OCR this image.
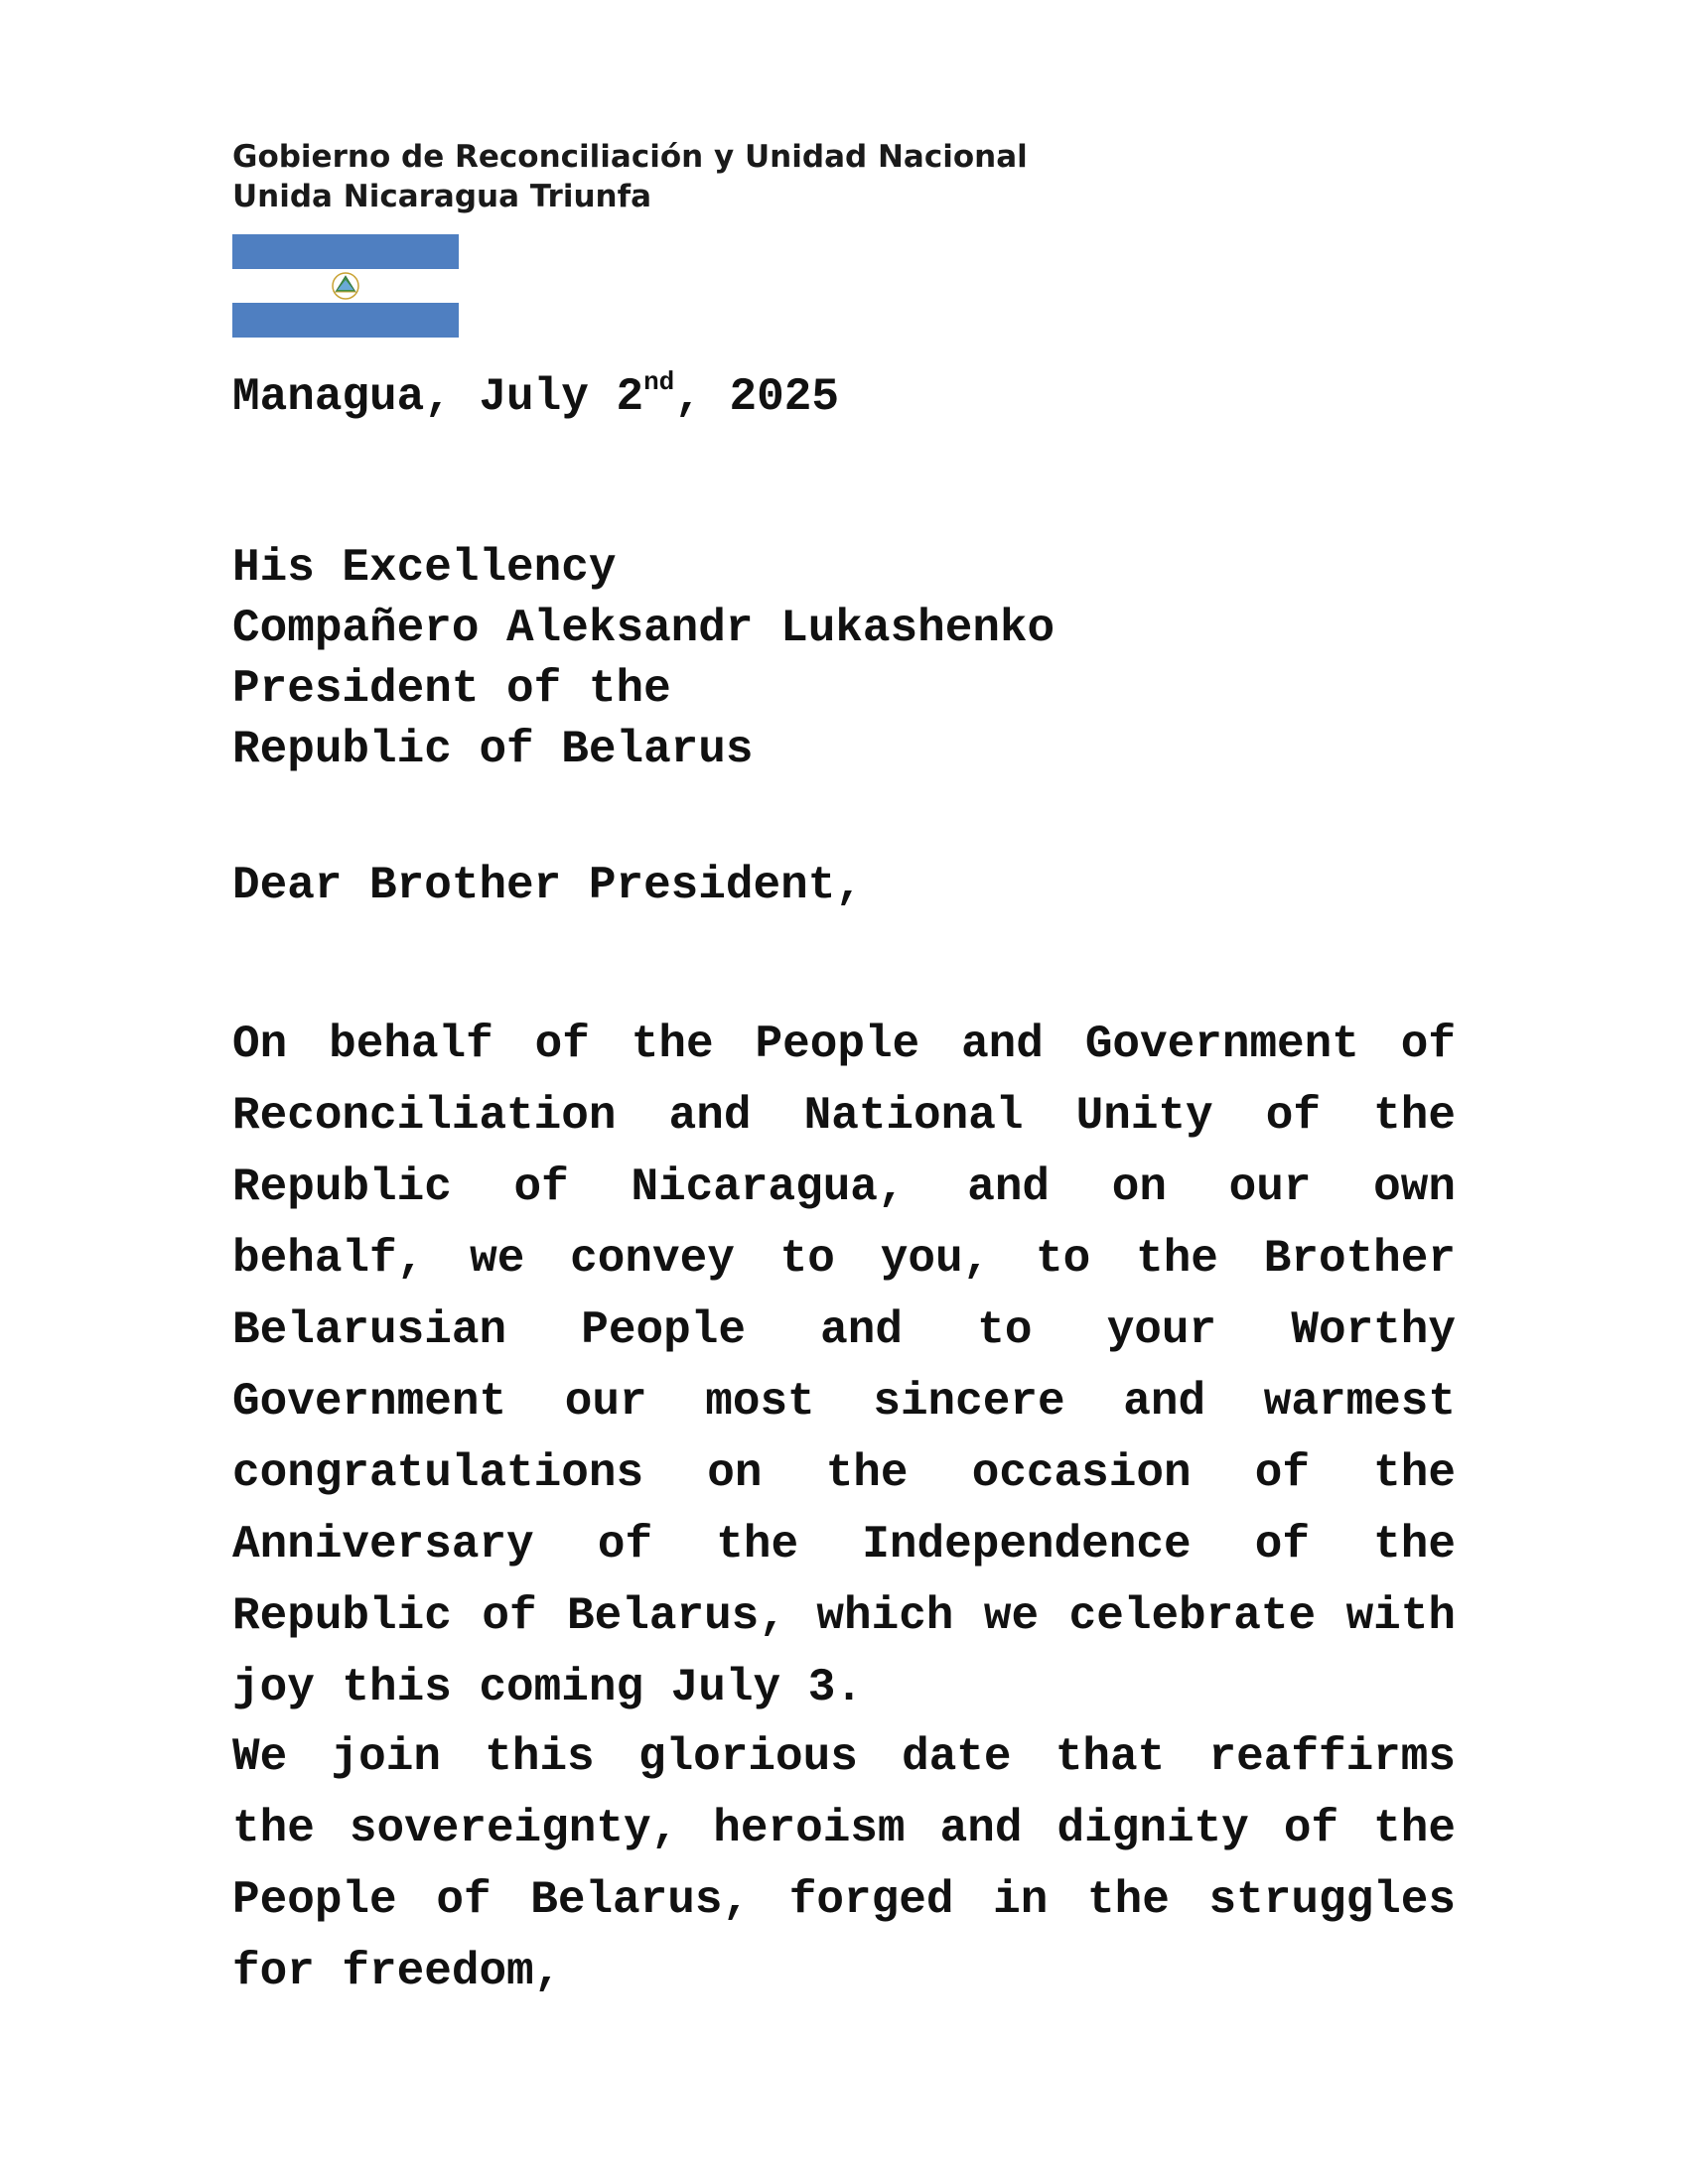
Gobierno de Reconciliación y Unidad Nacional
Unida Nicaragua Triunfa
Managua, July 2nd, 2025
His Excellency
Compañero Aleksandr Lukashenko
President of the
Republic of Belarus
Dear Brother President,
On behalf of the People and Government of Reconciliation and National Unity of the Republic of Nicaragua, and on our own behalf, we convey to you, to the Brother Belarusian People and to your Worthy Government our most sincere and warmest congratulations on the occasion of the Anniversary of the Independence of the Republic of Belarus, which we celebrate with joy this coming July 3.
We join this glorious date that reaffirms the sovereignty, heroism and dignity of the People of Belarus, forged in the struggles for freedom,
